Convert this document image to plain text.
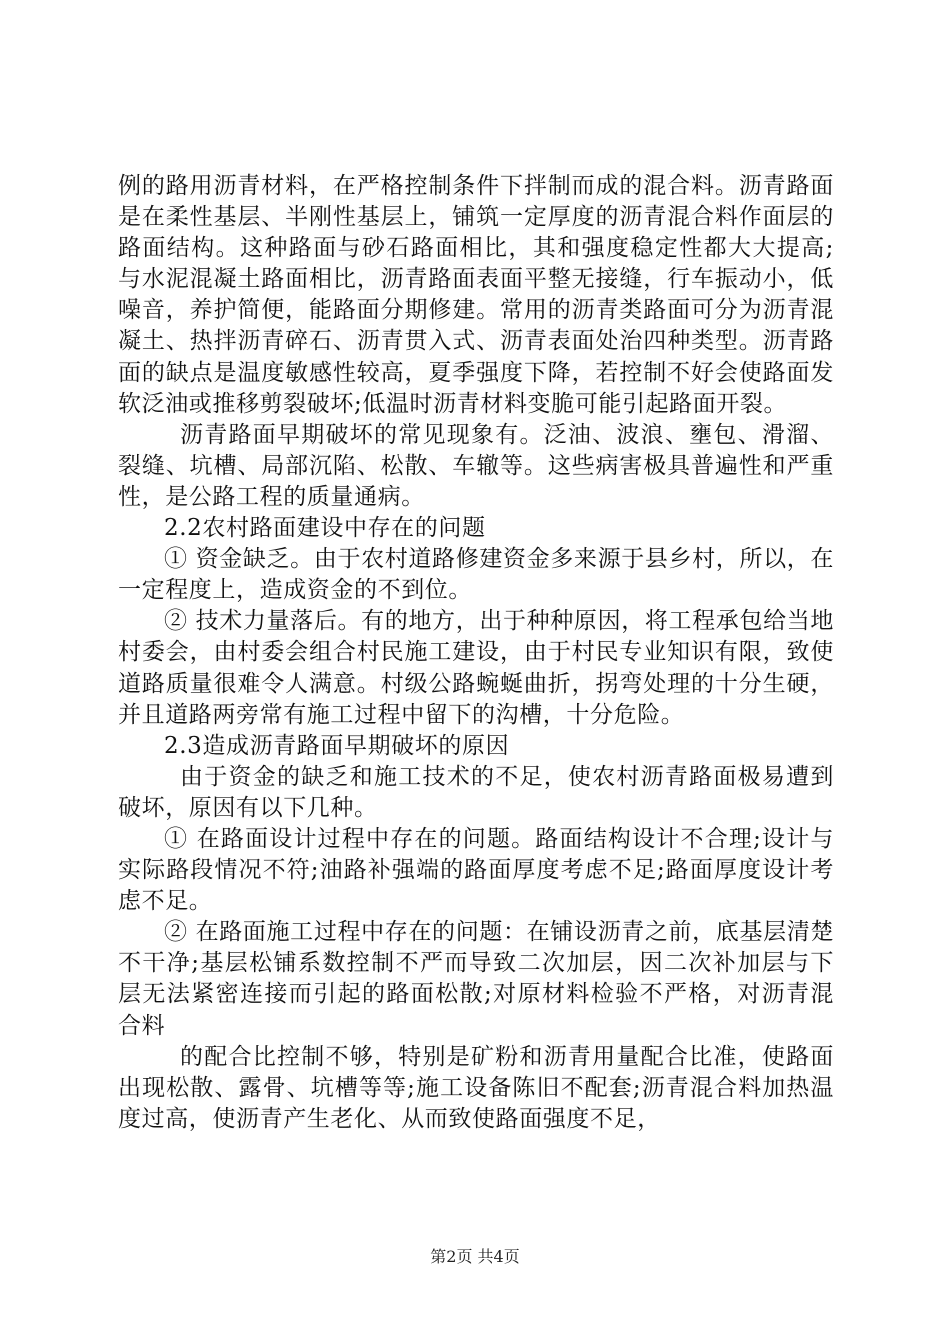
例的路用沥青材料，在严格控制条件下拌制而成的混合料。沥青路面是在柔性基层、半刚性基层上，铺筑一定厚度的沥青混合料作面层的路面结构。这种路面与砂石路面相比，其和强度稳定性都大大提高;与水泥混凝土路面相比，沥青路面表面平整无接缝，行车振动小，低噪音，养护简便，能路面分期修建。常用的沥青类路面可分为沥青混凝土、热拌沥青碎石、沥青贯入式、沥青表面处治四种类型。沥青路面的缺点是温度敏感性较高，夏季强度下降，若控制不好会使路面发软泛油或推移剪裂破坏;低温时沥青材料变脆可能引起路面开裂。

沥青路面早期破坏的常见现象有。泛油、波浪、壅包、滑溜、裂缝、坑槽、局部沉陷、松散、车辙等。这些病害极具普遍性和严重性，是公路工程的质量通病。

2.2农村路面建设中存在的问题

① 资金缺乏。由于农村道路修建资金多来源于县乡村，所以，在一定程度上，造成资金的不到位。

② 技术力量落后。有的地方，出于种种原因，将工程承包给当地村委会，由村委会组合村民施工建设，由于村民专业知识有限，致使道路质量很难令人满意。村级公路蜿蜒曲折，拐弯处理的十分生硬，并且道路两旁常有施工过程中留下的沟槽，十分危险。

2.3造成沥青路面早期破坏的原因

由于资金的缺乏和施工技术的不足，使农村沥青路面极易遭到破坏，原因有以下几种。

① 在路面设计过程中存在的问题。路面结构设计不合理;设计与实际路段情况不符;油路补强端的路面厚度考虑不足;路面厚度设计考虑不足。

② 在路面施工过程中存在的问题：在铺设沥青之前，底基层清楚不干净;基层松铺系数控制不严而导致二次加层，因二次补加层与下层无法紧密连接而引起的路面松散;对原材料检验不严格，对沥青混合料

的配合比控制不够，特别是矿粉和沥青用量配合比准，使路面出现松散、露骨、坑槽等等;施工设备陈旧不配套;沥青混合料加热温度过高，使沥青产生老化、从而致使路面强度不足，

第2页 共4页
